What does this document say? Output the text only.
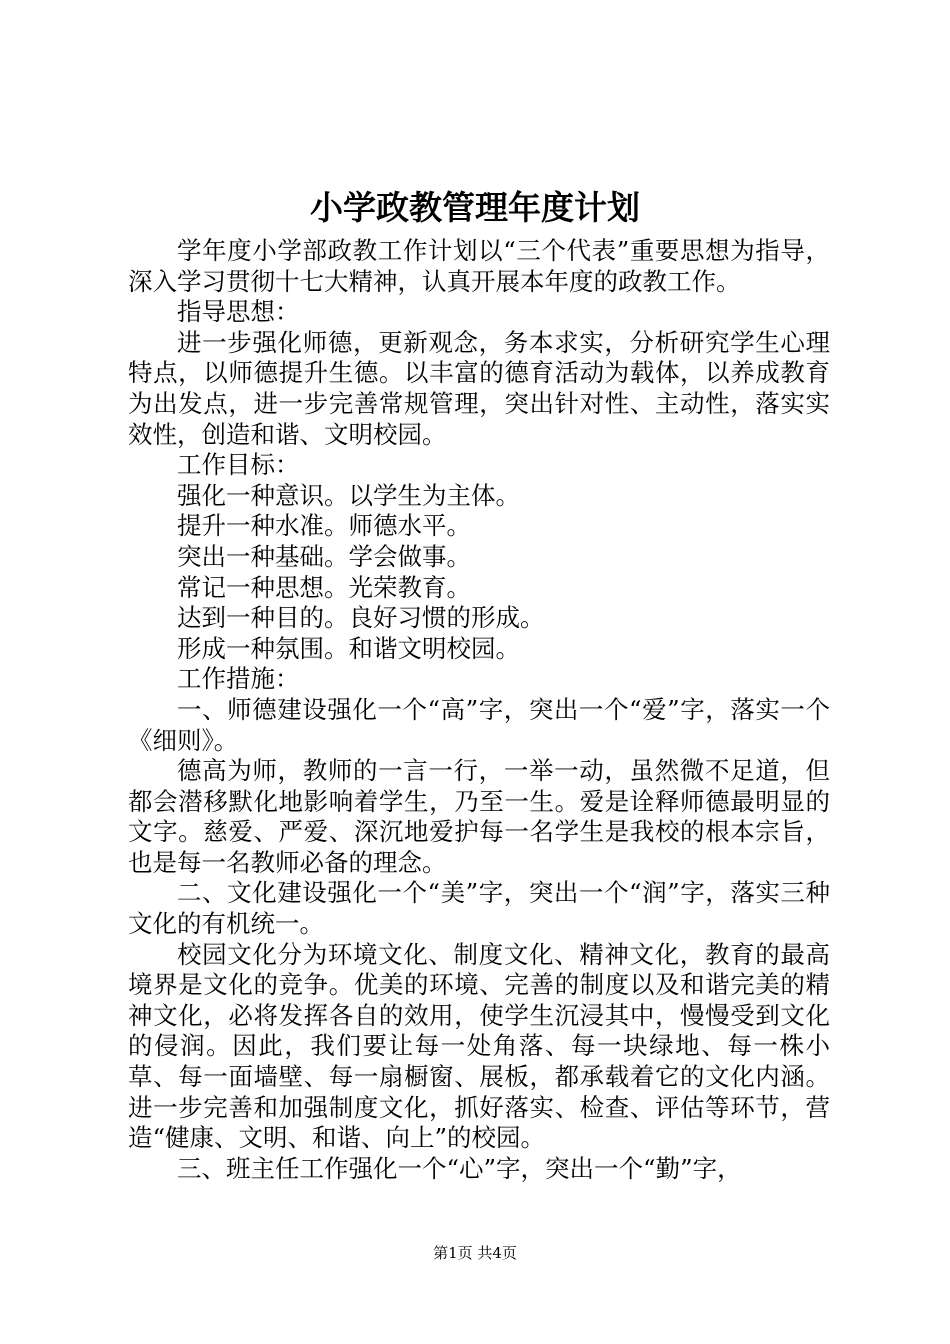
小学政教管理年度计划

学年度小学部政教工作计划以“三个代表”重要思想为指导，深入学习贯彻十七大精神，认真开展本年度的政教工作。

指导思想：

进一步强化师德，更新观念，务本求实，分析研究学生心理特点，以师德提升生德。以丰富的德育活动为载体，以养成教育为出发点，进一步完善常规管理，突出针对性、主动性，落实实效性，创造和谐、文明校园。

工作目标：

强化一种意识。以学生为主体。

提升一种水准。师德水平。

突出一种基础。学会做事。

常记一种思想。光荣教育。

达到一种目的。良好习惯的形成。

形成一种氛围。和谐文明校园。

工作措施：

一、师德建设强化一个“高”字，突出一个“爱”字，落实一个《细则》。

德高为师，教师的一言一行，一举一动，虽然微不足道，但都会潜移默化地影响着学生，乃至一生。爱是诠释师德最明显的文字。慈爱、严爱、深沉地爱护每一名学生是我校的根本宗旨，也是每一名教师必备的理念。

二、文化建设强化一个“美”字，突出一个“润”字，落实三种文化的有机统一。

校园文化分为环境文化、制度文化、精神文化，教育的最高境界是文化的竞争。优美的环境、完善的制度以及和谐完美的精神文化，必将发挥各自的效用，使学生沉浸其中，慢慢受到文化的侵润。因此，我们要让每一处角落、每一块绿地、每一株小草、每一面墙壁、每一扇橱窗、展板，都承载着它的文化内涵。进一步完善和加强制度文化，抓好落实、检查、评估等环节，营造“健康、文明、和谐、向上”的校园。

三、班主任工作强化一个“心”字，突出一个“勤”字，

第1页 共4页
